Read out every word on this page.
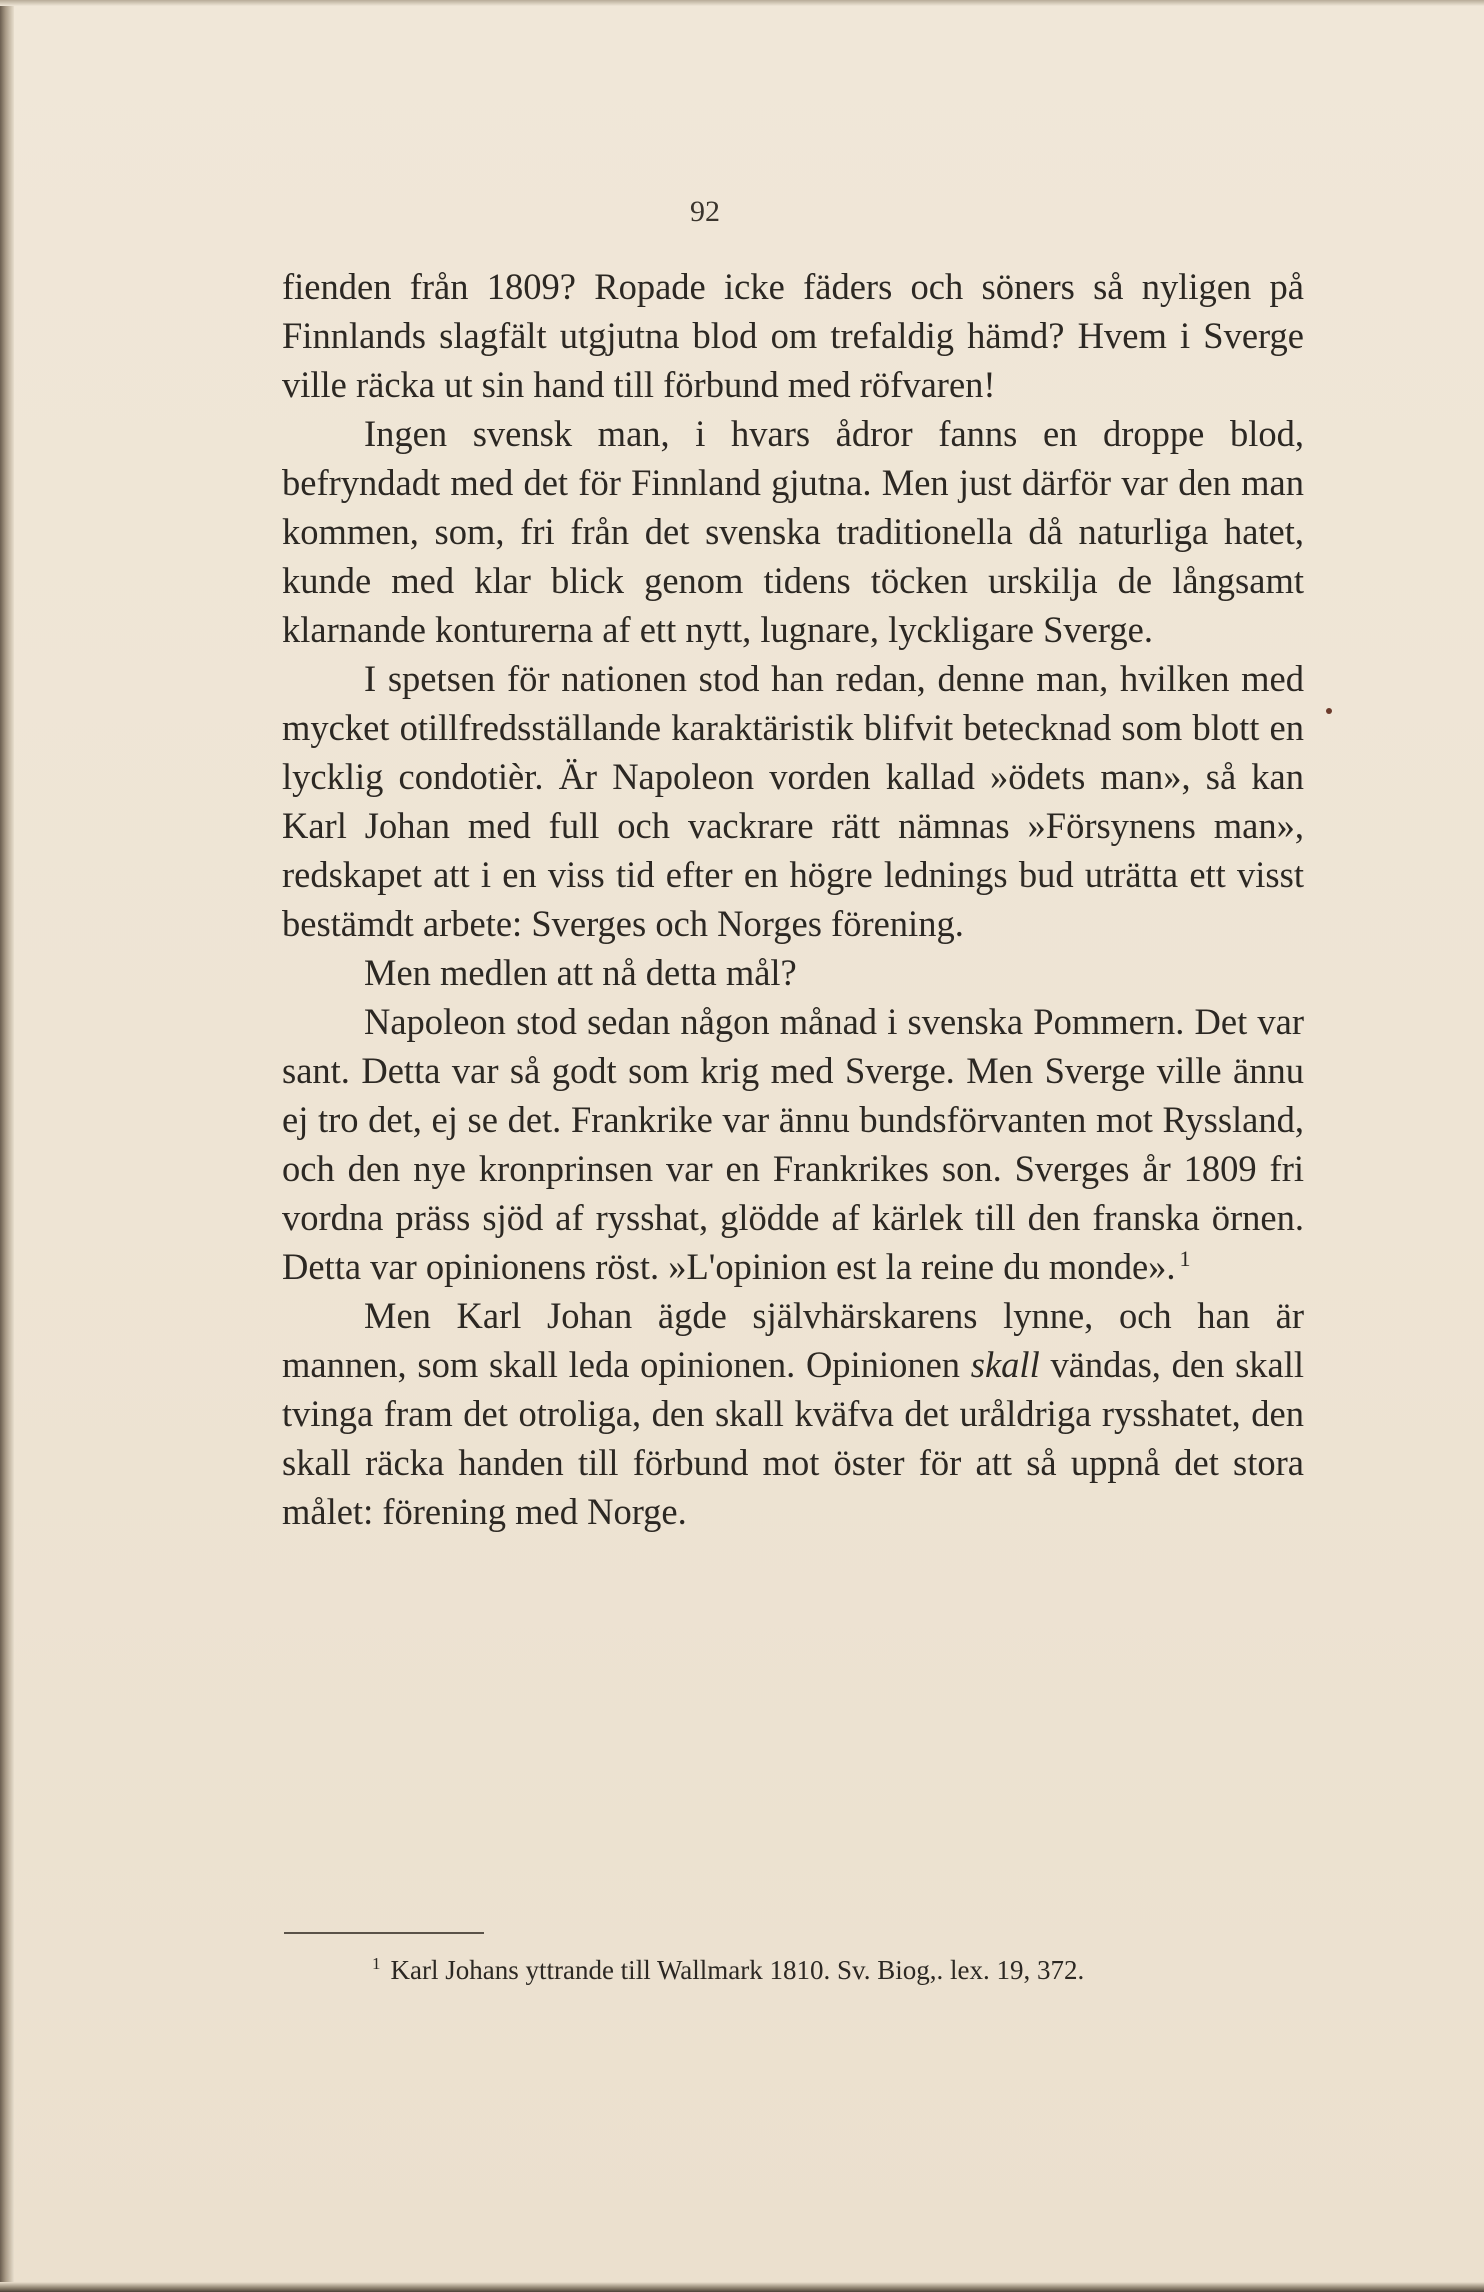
92

fienden från 1809? Ropade icke fäders och söners så nyligen på Finnlands slagfält utgjutna blod om trefaldig hämd? Hvem i Sverge ville räcka ut sin hand till förbund med röfvaren!

Ingen svensk man, i hvars ådror fanns en droppe blod, befryndadt med det för Finnland gjutna. Men just därför var den man kommen, som, fri från det svenska traditionella då naturliga hatet, kunde med klar blick genom tidens töcken urskilja de långsamt klarnande konturerna af ett nytt, lugnare, lyckligare Sverge.

I spetsen för nationen stod han redan, denne man, hvilken med mycket otillfredsställande karaktäristik blifvit betecknad som blott en lycklig condotièr. Är Napoleon vorden kallad »ödets man», så kan Karl Johan med full och vackrare rätt nämnas »Försynens man», redskapet att i en viss tid efter en högre lednings bud uträtta ett visst bestämdt arbete: Sverges och Norges förening.

Men medlen att nå detta mål?

Napoleon stod sedan någon månad i svenska Pommern. Det var sant. Detta var så godt som krig med Sverge. Men Sverge ville ännu ej tro det, ej se det. Frankrike var ännu bundsförvanten mot Ryssland, och den nye kronprinsen var en Frankrikes son. Sverges år 1809 fri vordna präss sjöd af rysshat, glödde af kärlek till den franska örnen. Detta var opinionens röst. »L'opinion est la reine du monde». $^1$

Men Karl Johan ägde självhärskarens lynne, och han är mannen, som skall leda opinionen. Opinionen skall vändas, den skall tvinga fram det otroliga, den skall kväfva det uråldriga rysshatet, den skall räcka handen till förbund mot öster för att så uppnå det stora målet: förening med Norge.

$^1$ Karl Johans yttrande till Wallmark 1810. Sv. Biog,. lex. 19, 372.
